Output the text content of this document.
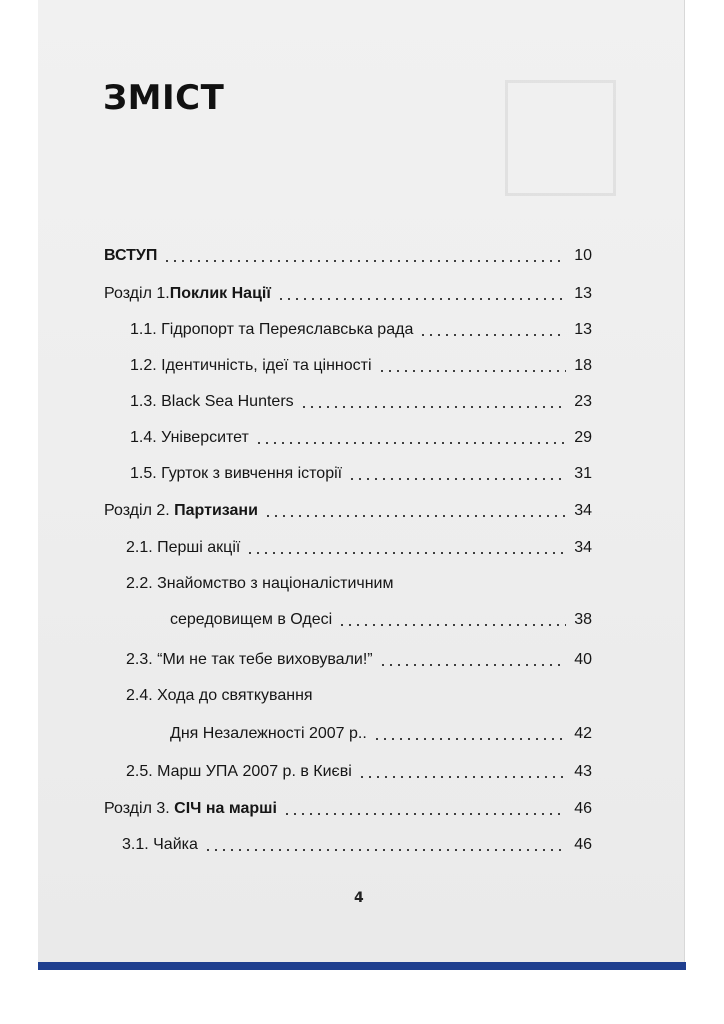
ЗМІСТ
ВСТУП	10
Розділ 1.Поклик Нації	13
1.1. Гідропорт та Переяславська рада	13
1.2. Ідентичність, ідеї та цінності	18
1.3. Black Sea Hunters	23
1.4. Університет	29
1.5. Гурток з вивчення історії	31
Розділ 2. Партизани	34
2.1. Перші акції	34
2.2. Знайомство з націоналістичним
середовищем в Одесі	38
2.3. “Ми не так тебе виховували!”	40
2.4. Хода до святкування
Дня Незалежності 2007 р..	42
2.5. Марш УПА 2007 р. в Києві	43
Розділ 3. СІЧ на марші	46
3.1. Чайка	46
4
